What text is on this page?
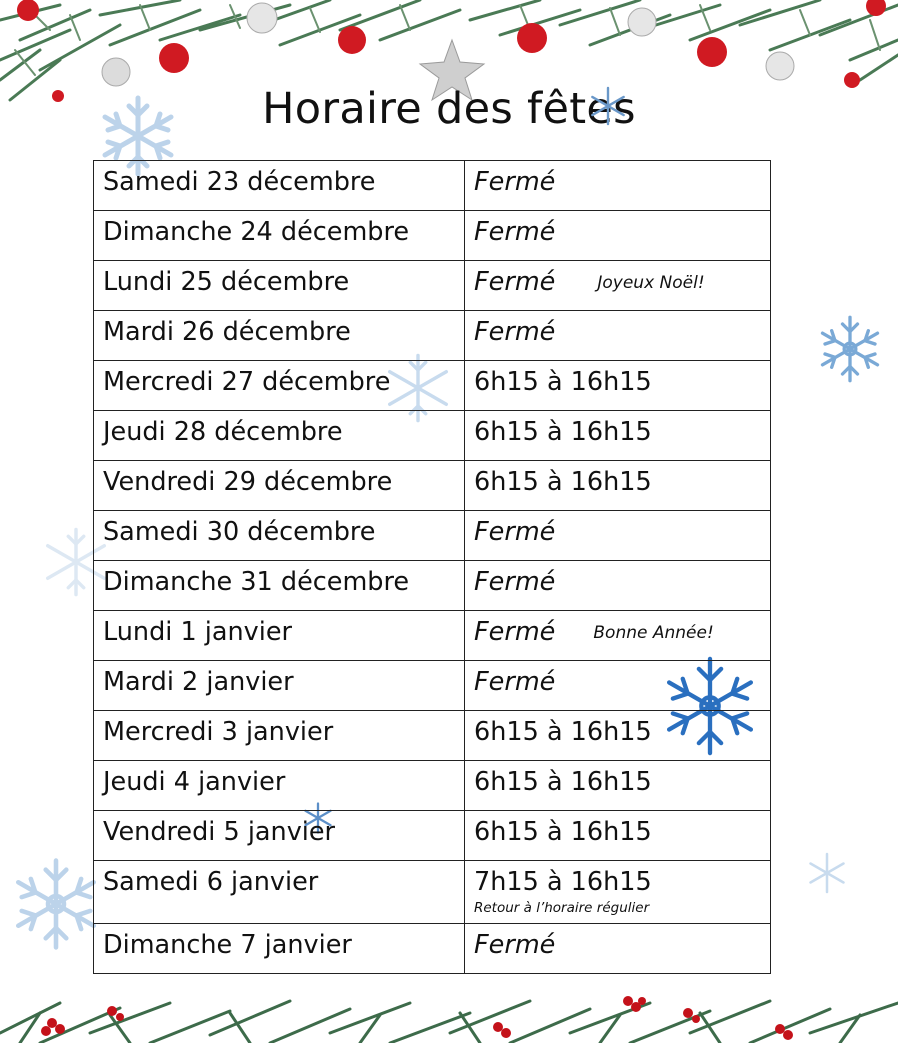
Horaire des fêtes
Samedi 23 décembre	Fermé
Dimanche 24 décembre	Fermé
Lundi 25 décembre	Fermé Joyeux Noël!
Mardi 26 décembre	Fermé
Mercredi 27 décembre	6h15 à 16h15
Jeudi 28 décembre	6h15 à 16h15
Vendredi 29 décembre	6h15 à 16h15
Samedi 30 décembre	Fermé
Dimanche 31 décembre	Fermé
Lundi 1 janvier	Fermé Bonne Année!
Mardi 2 janvier	Fermé
Mercredi 3 janvier	6h15 à 16h15
Jeudi 4 janvier	6h15 à 16h15
Vendredi 5 janvier	6h15 à 16h15
Samedi 6 janvier	7h15 à 16h15
Retour à l’horaire régulier

Dimanche 7 janvier	Fermé
